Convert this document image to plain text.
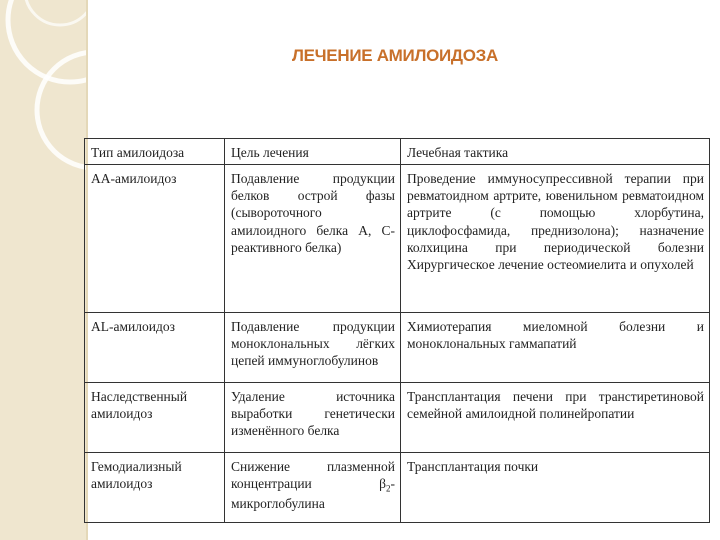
ЛЕЧЕНИЕ АМИЛОИДОЗА
Тип амилоидоза	Цель лечения	Лечебная тактика
АА-амилоидоз	Подавление продукции белков острой фазы (сывороточного амилоидного белка А, С-реактивного белка)	Проведение иммуносупрессивной терапии при ревматоидном артрите, ювенильном ревматоидном артрите (с помощью хлорбутина, циклофосфамида, преднизолона); назначение колхицина при периодической болезни Хирургическое лечение остеомиелита и опухолей
AL-амилоидоз	Подавление продукции моноклональных лёгких цепей иммуноглобулинов	Химиотерапия миеломной болезни и моноклональных гаммапатий
Наследственный амилоидоз	Удаление источника выработки генетически изменённого белка	Трансплантация печени при транстиретиновой семейной амилоидной полинейропатии
Гемодиализный амилоидоз	Снижение плазменной концентрации $\beta_2$-микроглобулина	Трансплантация почки
